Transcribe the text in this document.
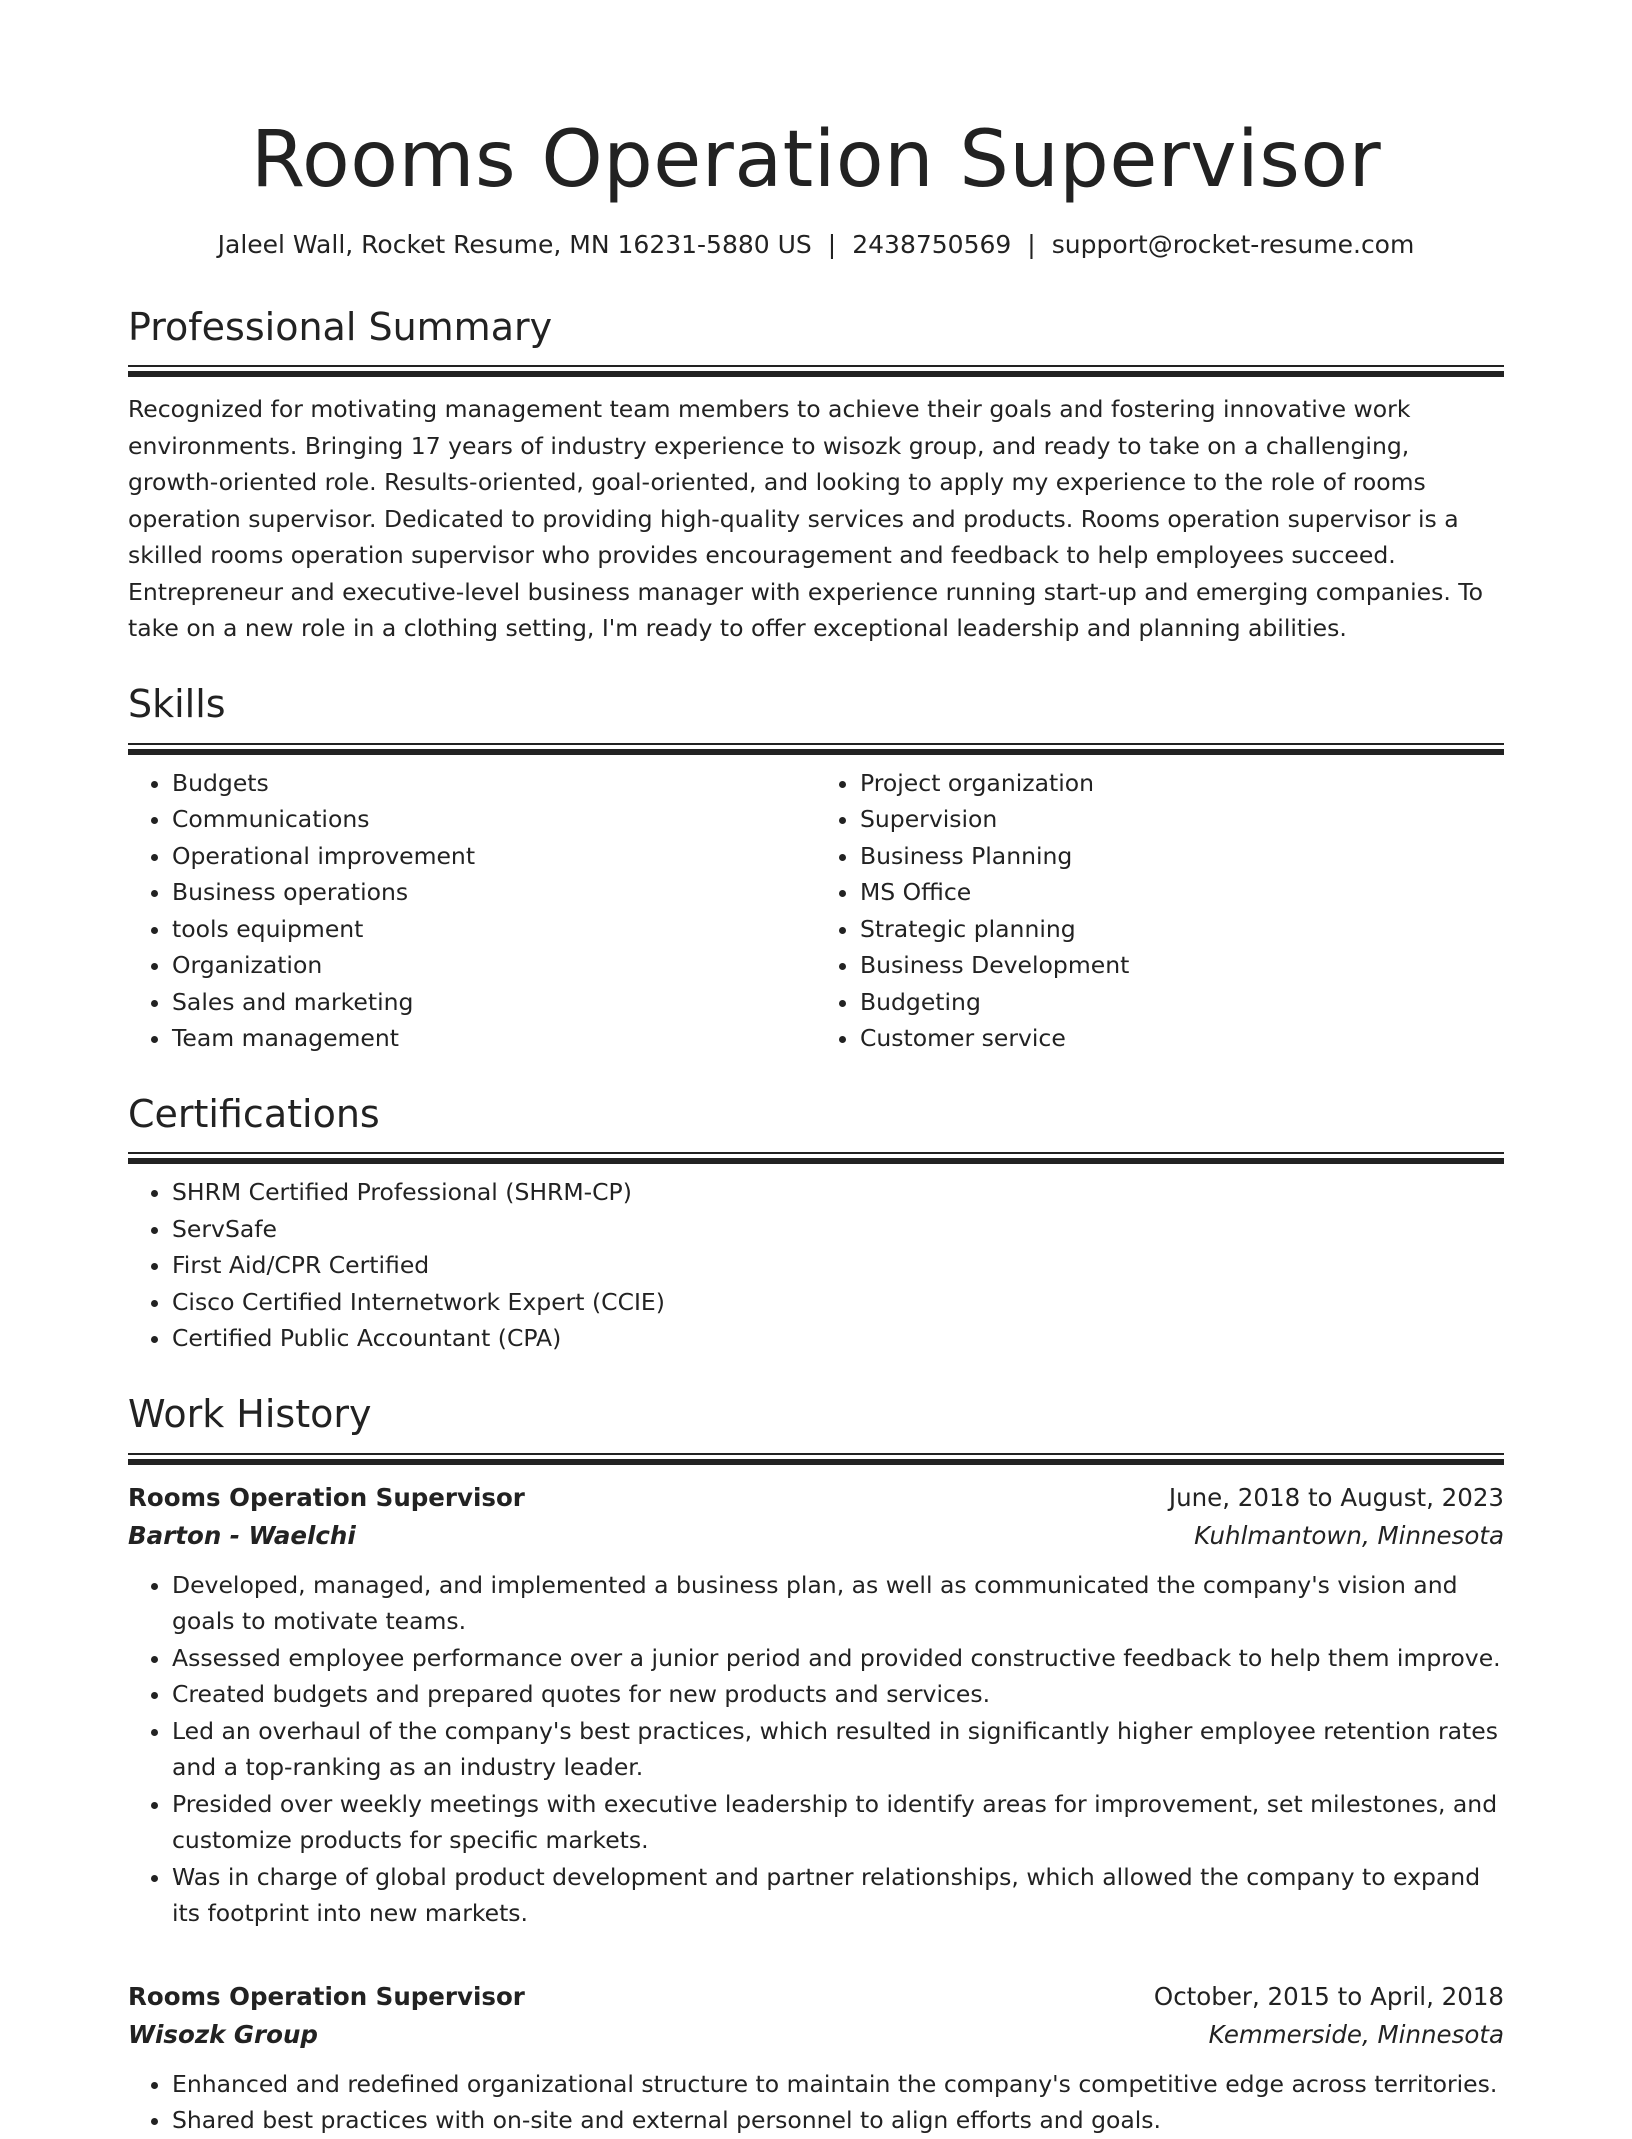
Rooms Operation Supervisor
Jaleel Wall, Rocket Resume, MN 16231-5880 US | 2438750569 | support@rocket-resume.com
Professional Summary

Recognized for motivating management team members to achieve their goals and fostering innovative work environments. Bringing 17 years of industry experience to wisozk group, and ready to take on a challenging, growth-oriented role. Results-oriented, goal-oriented, and looking to apply my experience to the role of rooms operation supervisor. Dedicated to providing high-quality services and products. Rooms operation supervisor is a skilled rooms operation supervisor who provides encouragement and feedback to help employees succeed. Entrepreneur and executive-level business manager with experience running start-up and emerging companies. To take on a new role in a clothing setting, I'm ready to offer exceptional leadership and planning abilities.

Skills
• Budgets
• Communications
• Operational improvement
• Business operations
• tools equipment
• Organization
• Sales and marketing
• Team management
• Project organization
• Supervision
• Business Planning
• MS Office
• Strategic planning
• Business Development
• Budgeting
• Customer service
Certifications
• SHRM Certified Professional (SHRM-CP)
• ServSafe
• First Aid/CPR Certified
• Cisco Certified Internetwork Expert (CCIE)
• Certified Public Accountant (CPA)
Work History
Rooms Operation Supervisor	June, 2018 to August, 2023
Barton - Waelchi	Kuhlmantown, Minnesota
• Developed, managed, and implemented a business plan, as well as communicated the company's vision and goals to motivate teams.
• Assessed employee performance over a junior period and provided constructive feedback to help them improve.
• Created budgets and prepared quotes for new products and services.
• Led an overhaul of the company's best practices, which resulted in significantly higher employee retention rates and a top-ranking as an industry leader.
• Presided over weekly meetings with executive leadership to identify areas for improvement, set milestones, and customize products for specific markets.
• Was in charge of global product development and partner relationships, which allowed the company to expand its footprint into new markets.
Rooms Operation Supervisor	October, 2015 to April, 2018
Wisozk Group	Kemmerside, Minnesota
• Enhanced and redefined organizational structure to maintain the company's competitive edge across territories.
• Shared best practices with on-site and external personnel to align efforts and goals.
